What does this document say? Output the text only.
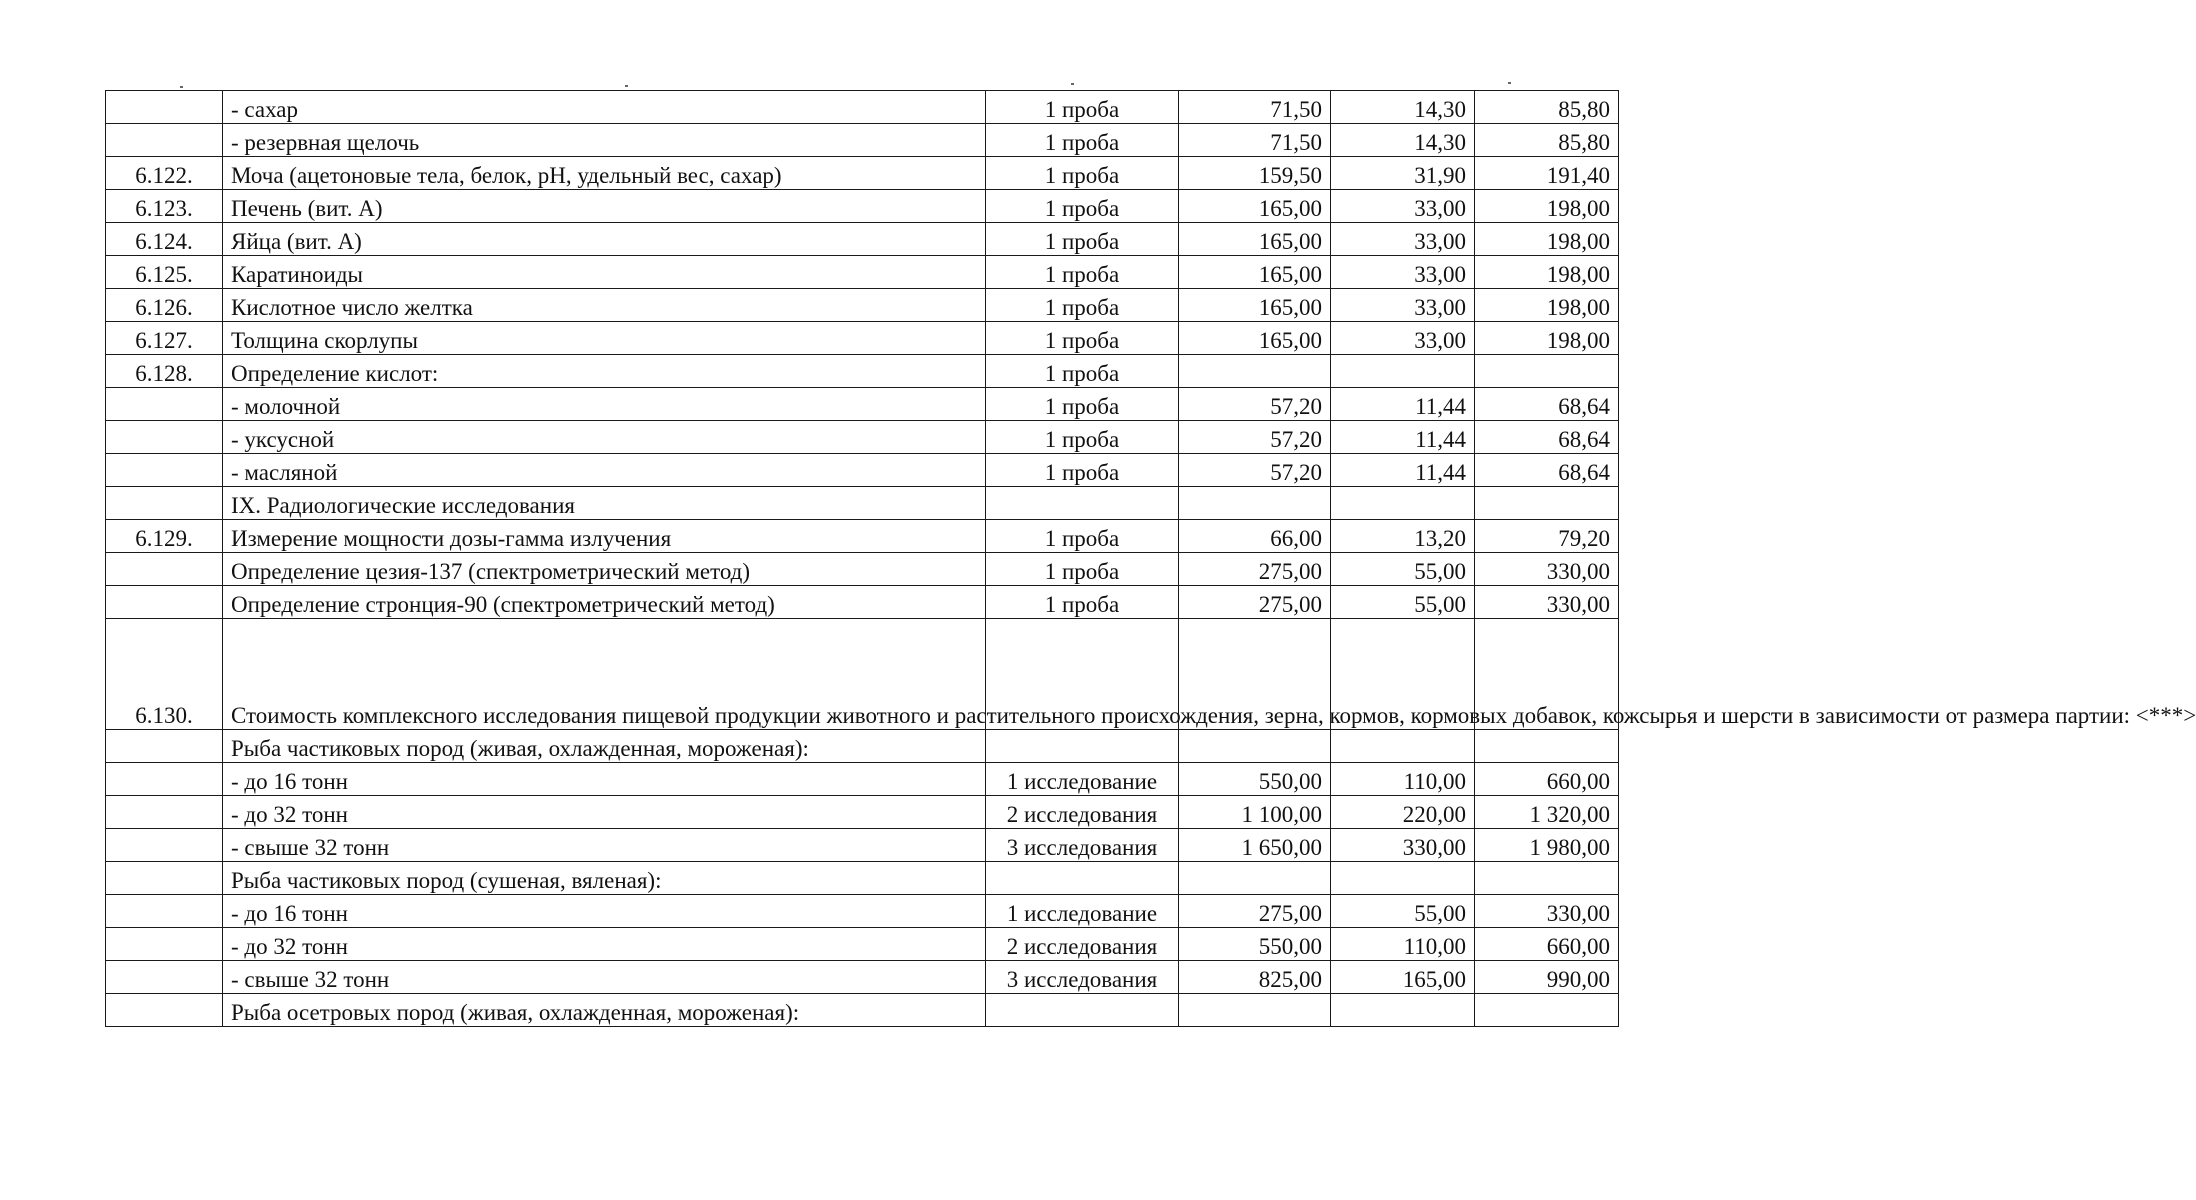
	- сахар	1 проба	71,50	14,30	85,80
	- резервная щелочь	1 проба	71,50	14,30	85,80
6.122.	Моча (ацетоновые тела, белок, рН, удельный вес, сахар)	1 проба	159,50	31,90	191,40
6.123.	Печень (вит. А)	1 проба	165,00	33,00	198,00
6.124.	Яйца (вит. А)	1 проба	165,00	33,00	198,00
6.125.	Каратиноиды	1 проба	165,00	33,00	198,00
6.126.	Кислотное число желтка	1 проба	165,00	33,00	198,00
6.127.	Толщина скорлупы	1 проба	165,00	33,00	198,00
6.128.	Определение кислот:	1 проба			
	- молочной	1 проба	57,20	11,44	68,64
	- уксусной	1 проба	57,20	11,44	68,64
	- масляной	1 проба	57,20	11,44	68,64
	IX. Радиологические исследования				
6.129.	Измерение мощности дозы-гамма излучения	1 проба	66,00	13,20	79,20
	Определение цезия-137 (спектрометрический метод)	1 проба	275,00	55,00	330,00
	Определение стронция-90 (спектрометрический метод)	1 проба	275,00	55,00	330,00
6.130.	Стоимость комплексного исследования пищевой продукции животного и растительного происхождения, зерна, кормов, кормовых добавок, кожсырья и шерсти в зависимости от размера партии: <***>				
	Рыба частиковых пород (живая, охлажденная, мороженая):				
	- до 16 тонн	1 исследование	550,00	110,00	660,00
	- до 32 тонн	2 исследования	1 100,00	220,00	1 320,00
	- свыше 32 тонн	3 исследования	1 650,00	330,00	1 980,00
	Рыба частиковых пород (сушеная, вяленая):				
	- до 16 тонн	1 исследование	275,00	55,00	330,00
	- до 32 тонн	2 исследования	550,00	110,00	660,00
	- свыше 32 тонн	3 исследования	825,00	165,00	990,00
	Рыба осетровых пород (живая, охлажденная, мороженая):				
